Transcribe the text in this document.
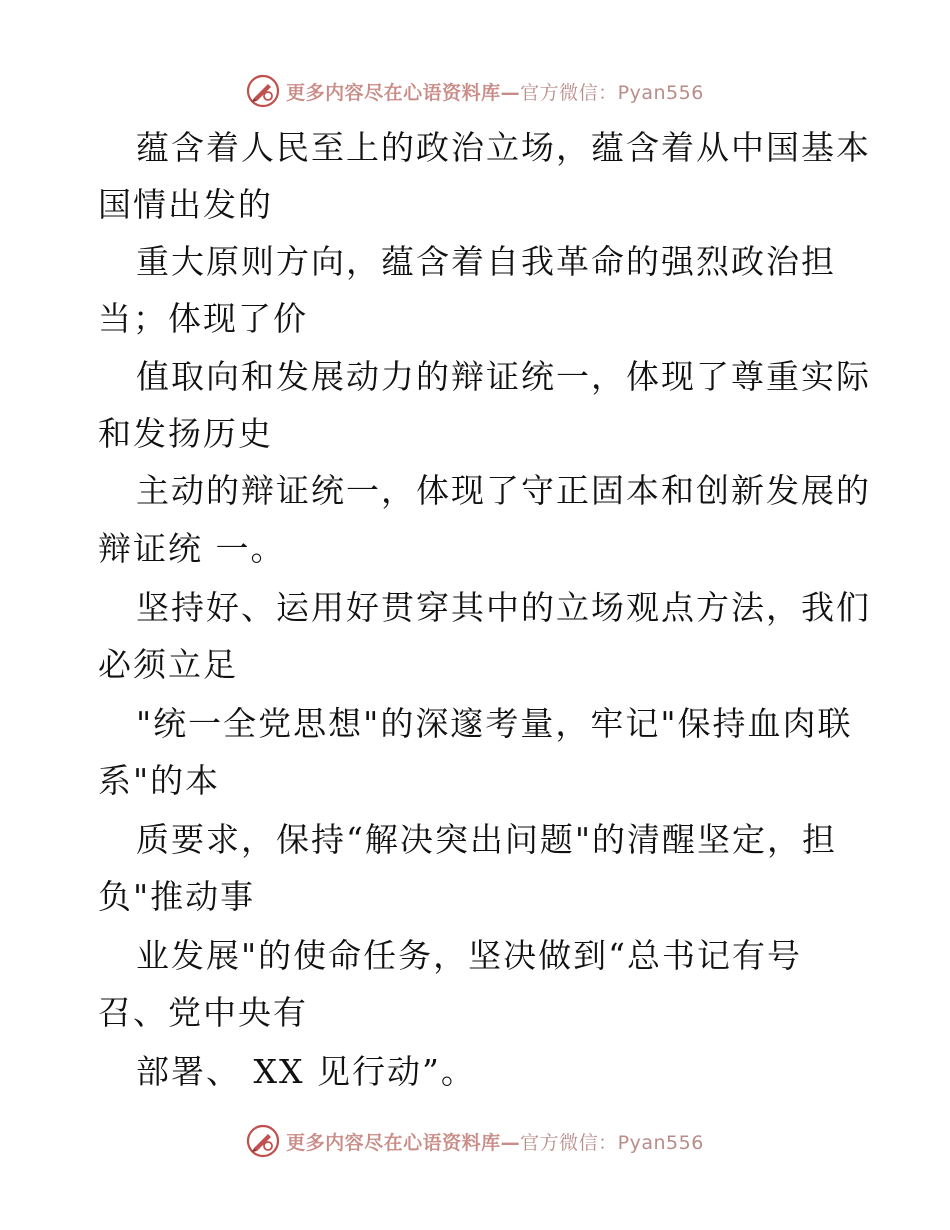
更多内容尽在心语资料库—官方微信：Pyan556
蕴含着人民至上的政治立场，蕴含着从中国基本
国情出发的
重大原则方向，蕴含着自我革命的强烈政治担
当；体现了价
值取向和发展动力的辩证统一，体现了尊重实际
和发扬历史
主动的辩证统一，体现了守正固本和创新发展的
辩证统 一。
坚持好、运用好贯穿其中的立场观点方法，我们
必须立足
"统一全党思想"的深邃考量，牢记"保持血肉联
系"的本
质要求，保持“解决突出问题"的清醒坚定，担
负"推动事
业发展"的使命任务，坚决做到“总书记有号
召、党中央有
部署、 XX 见行动”。
更多内容尽在心语资料库—官方微信：Pyan556
